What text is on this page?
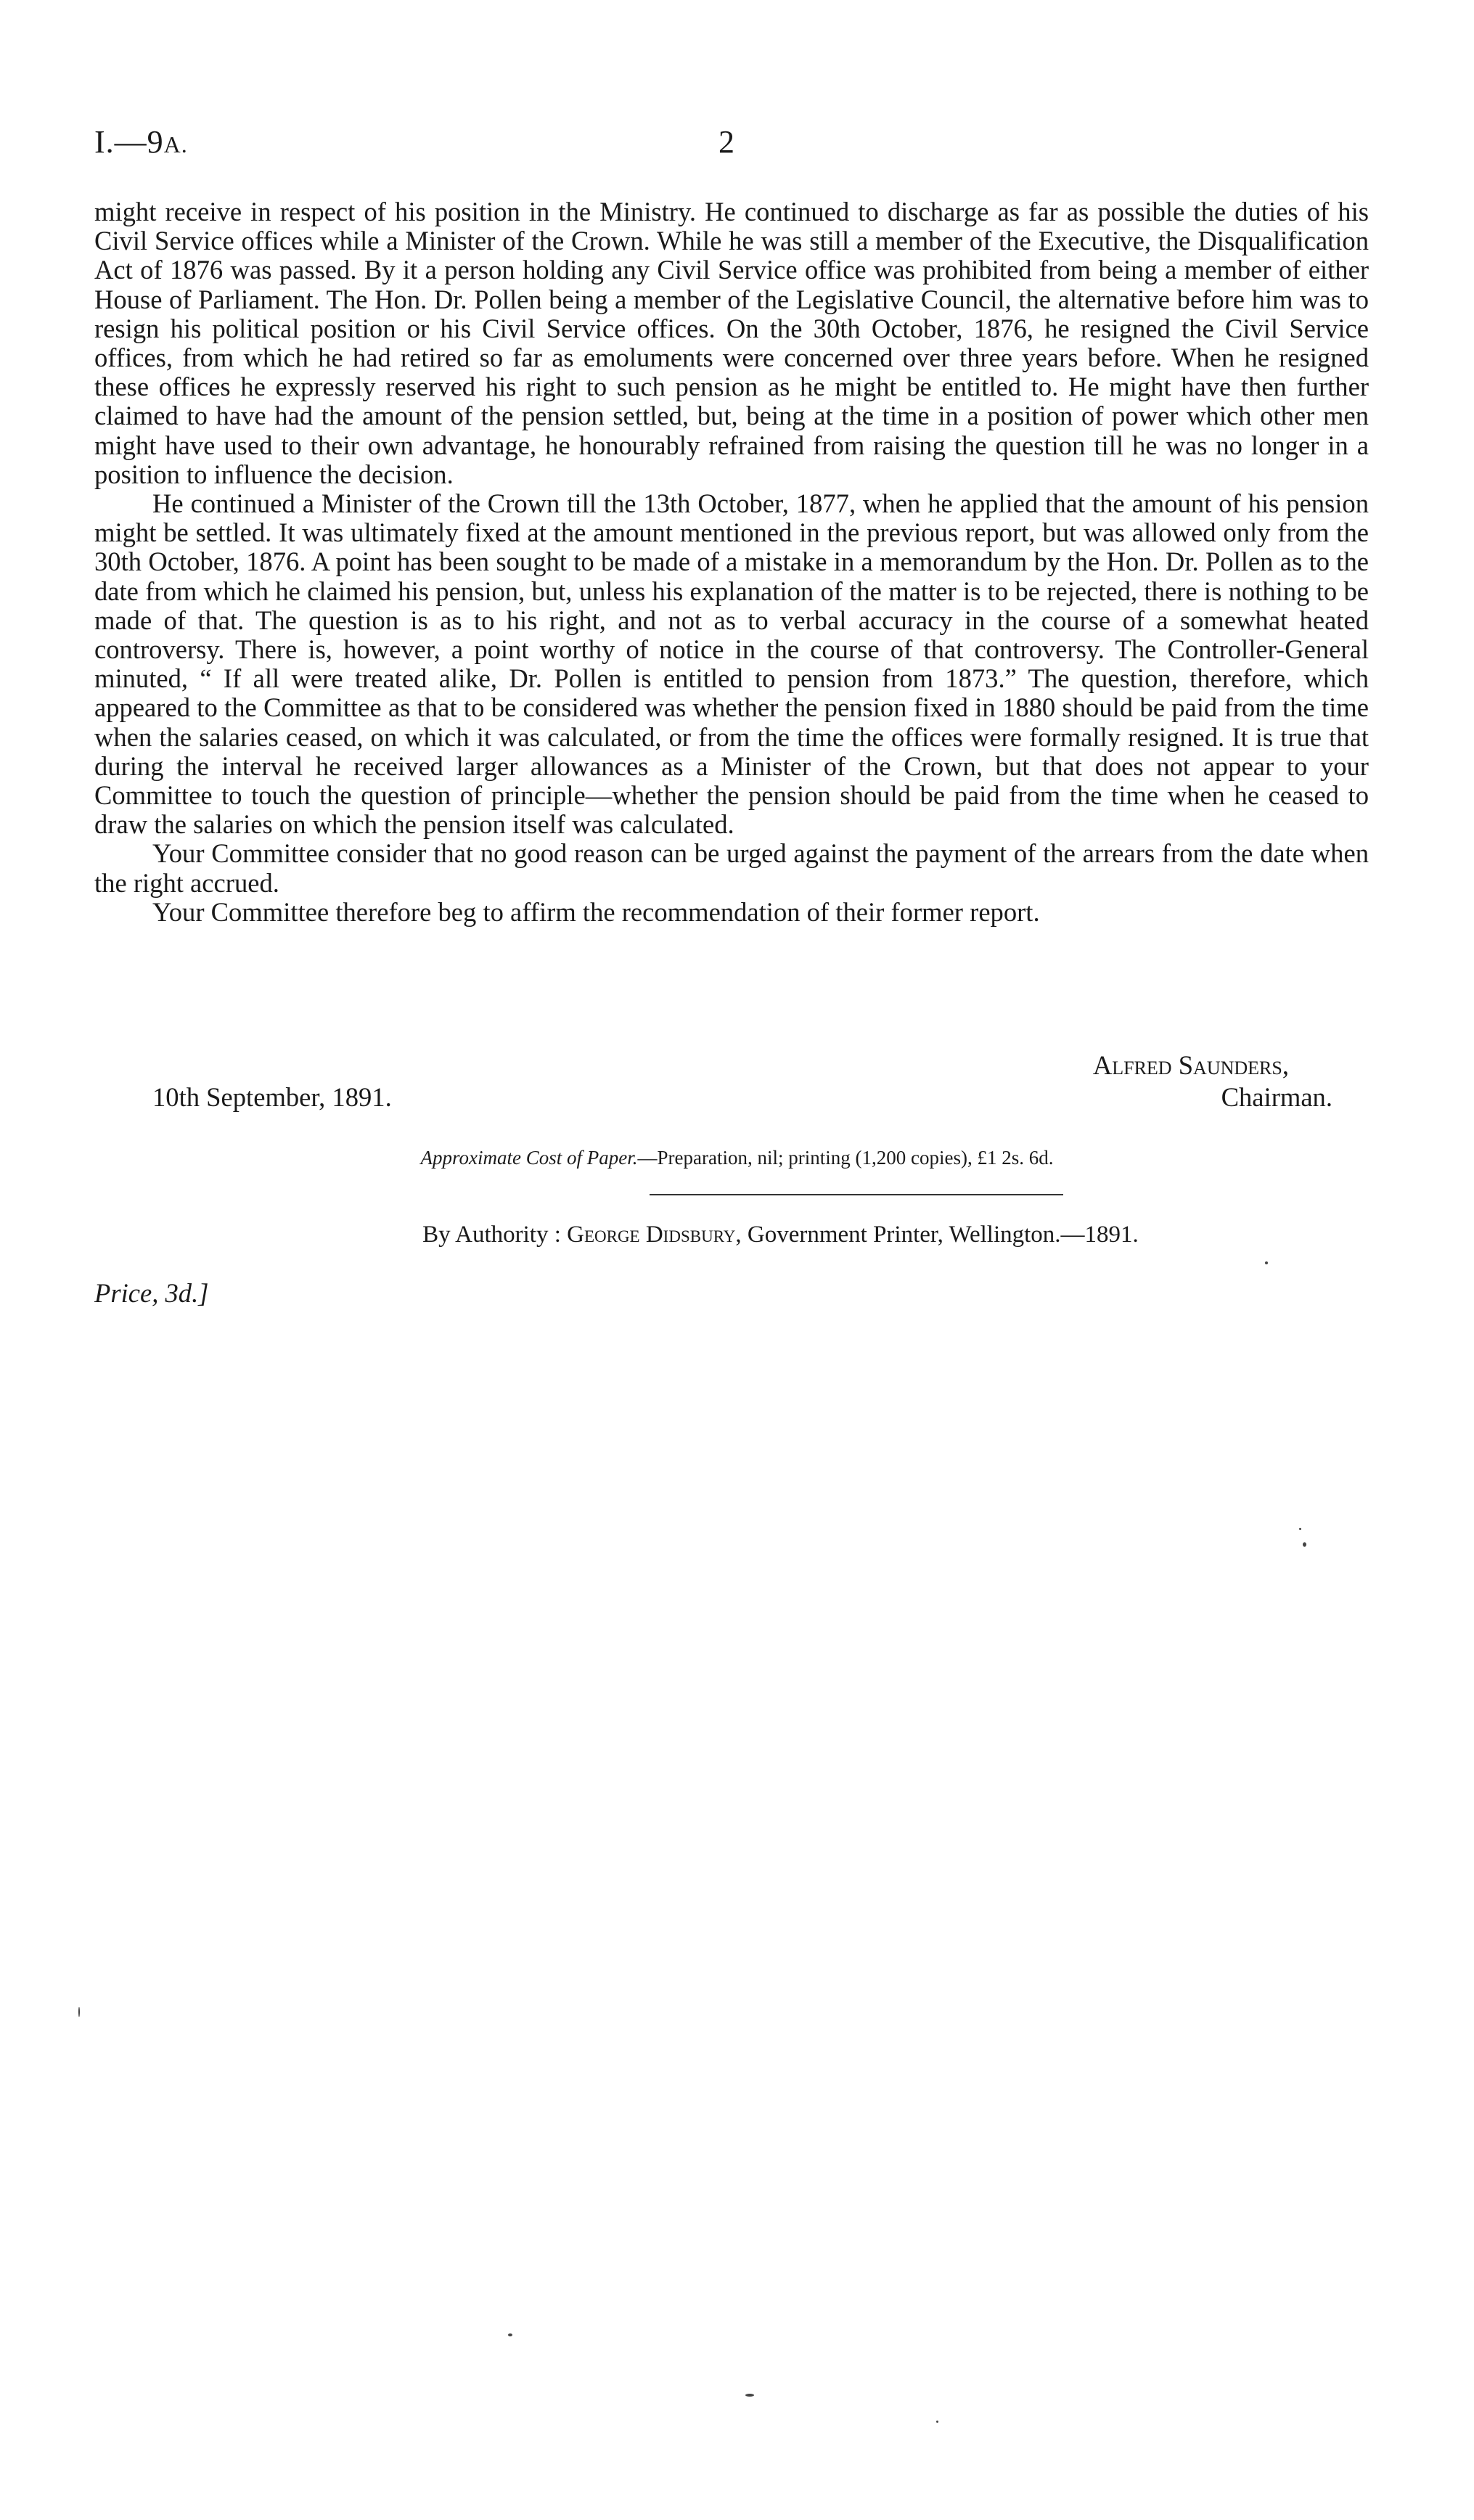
I.—9A.	2

might receive in respect of his position in the Ministry. He continued to discharge as far as possible the duties of his Civil Service offices while a Minister of the Crown. While he was still a member of the Executive, the Disqualification Act of 1876 was passed. By it a person holding any Civil Service office was prohibited from being a member of either House of Parliament. The Hon. Dr. Pollen being a member of the Legislative Council, the alternative before him was to resign his political position or his Civil Service offices. On the 30th October, 1876, he resigned the Civil Service offices, from which he had retired so far as emoluments were concerned over three years before. When he resigned these offices he expressly reserved his right to such pension as he might be entitled to. He might have then further claimed to have had the amount of the pension settled, but, being at the time in a position of power which other men might have used to their own advantage, he honourably refrained from raising the question till he was no longer in a position to influence the decision.

He continued a Minister of the Crown till the 13th October, 1877, when he applied that the amount of his pension might be settled. It was ultimately fixed at the amount mentioned in the previous report, but was allowed only from the 30th October, 1876. A point has been sought to be made of a mistake in a memorandum by the Hon. Dr. Pollen as to the date from which he claimed his pension, but, unless his explanation of the matter is to be rejected, there is nothing to be made of that. The question is as to his right, and not as to verbal accuracy in the course of a somewhat heated controversy. There is, however, a point worthy of notice in the course of that controversy. The Controller-General minuted, “ If all were treated alike, Dr. Pollen is entitled to pension from 1873.” The question, therefore, which appeared to the Committee as that to be considered was whether the pension fixed in 1880 should be paid from the time when the salaries ceased, on which it was calculated, or from the time the offices were formally resigned. It is true that during the interval he received larger allowances as a Minister of the Crown, but that does not appear to your Committee to touch the question of principle—whether the pension should be paid from the time when he ceased to draw the salaries on which the pension itself was calculated.

Your Committee consider that no good reason can be urged against the payment of the arrears from the date when the right accrued.

Your Committee therefore beg to affirm the recommendation of their former report.

Alfred Saunders,
10th September, 1891.	Chairman.
Approximate Cost of Paper.—Preparation, nil; printing (1,200 copies), £1 2s. 6d.
By Authority : George Didsbury, Government Printer, Wellington.—1891.
Price, 3d.]
